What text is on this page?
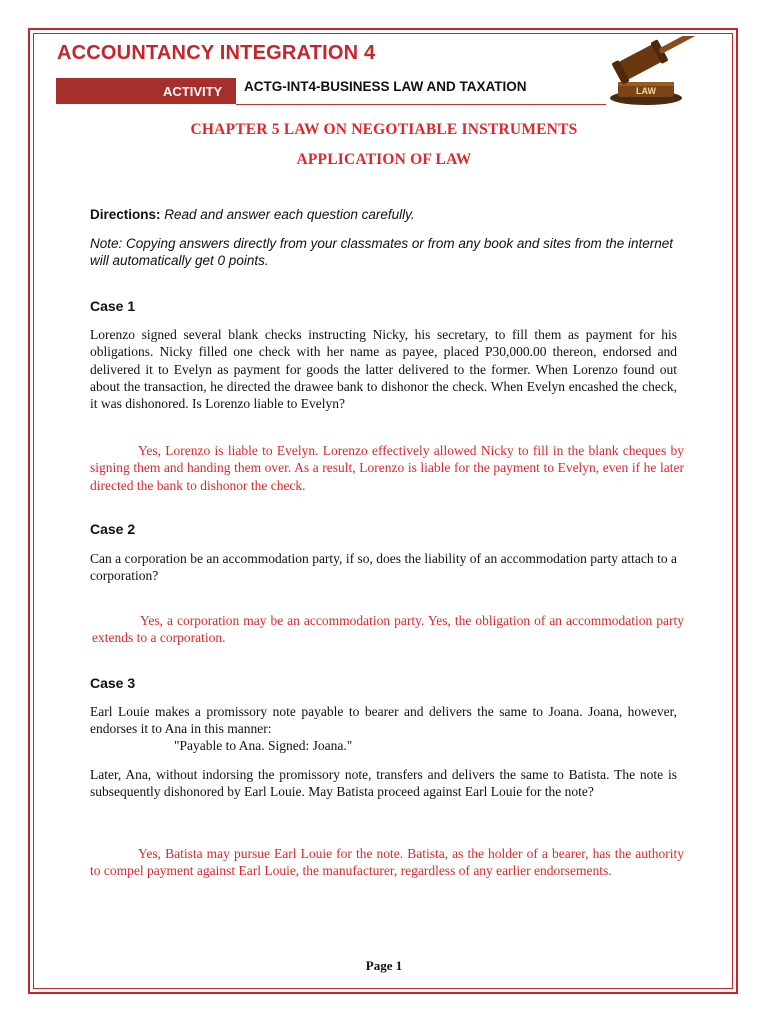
ACCOUNTANCY INTEGRATION 4
ACTIVITY ACTG-INT4-BUSINESS LAW AND TAXATION	LAW
CHAPTER 5 LAW ON NEGOTIABLE INSTRUMENTS
APPLICATION OF LAW

Directions: Read and answer each question carefully.

Note: Copying answers directly from your classmates or from any book and sites from the internet will automatically get 0 points.

Case 1

Lorenzo signed several blank checks instructing Nicky, his secretary, to fill them as payment for his obligations. Nicky filled one check with her name as payee, placed P30,000.00 thereon, endorsed and delivered it to Evelyn as payment for goods the latter delivered to the former. When Lorenzo found out about the transaction, he directed the drawee bank to dishonor the check. When Evelyn encashed the check, it was dishonored. Is Lorenzo liable to Evelyn?

Yes, Lorenzo is liable to Evelyn. Lorenzo effectively allowed Nicky to fill in the blank cheques by signing them and handing them over. As a result, Lorenzo is liable for the payment to Evelyn, even if he later directed the bank to dishonor the check.

Case 2

Can a corporation be an accommodation party, if so, does the liability of an accommodation party attach to a corporation?

Yes, a corporation may be an accommodation party. Yes, the obligation of an accommodation party extends to a corporation.

Case 3

Earl Louie makes a promissory note payable to bearer and delivers the same to Joana. Joana, however, endorses it to Ana in this manner:

"Payable to Ana. Signed: Joana."

Later, Ana, without indorsing the promissory note, transfers and delivers the same to Batista. The note is subsequently dishonored by Earl Louie. May Batista proceed against Earl Louie for the note?

Yes, Batista may pursue Earl Louie for the note. Batista, as the holder of a bearer, has the authority to compel payment against Earl Louie, the manufacturer, regardless of any earlier endorsements.

Page 1
